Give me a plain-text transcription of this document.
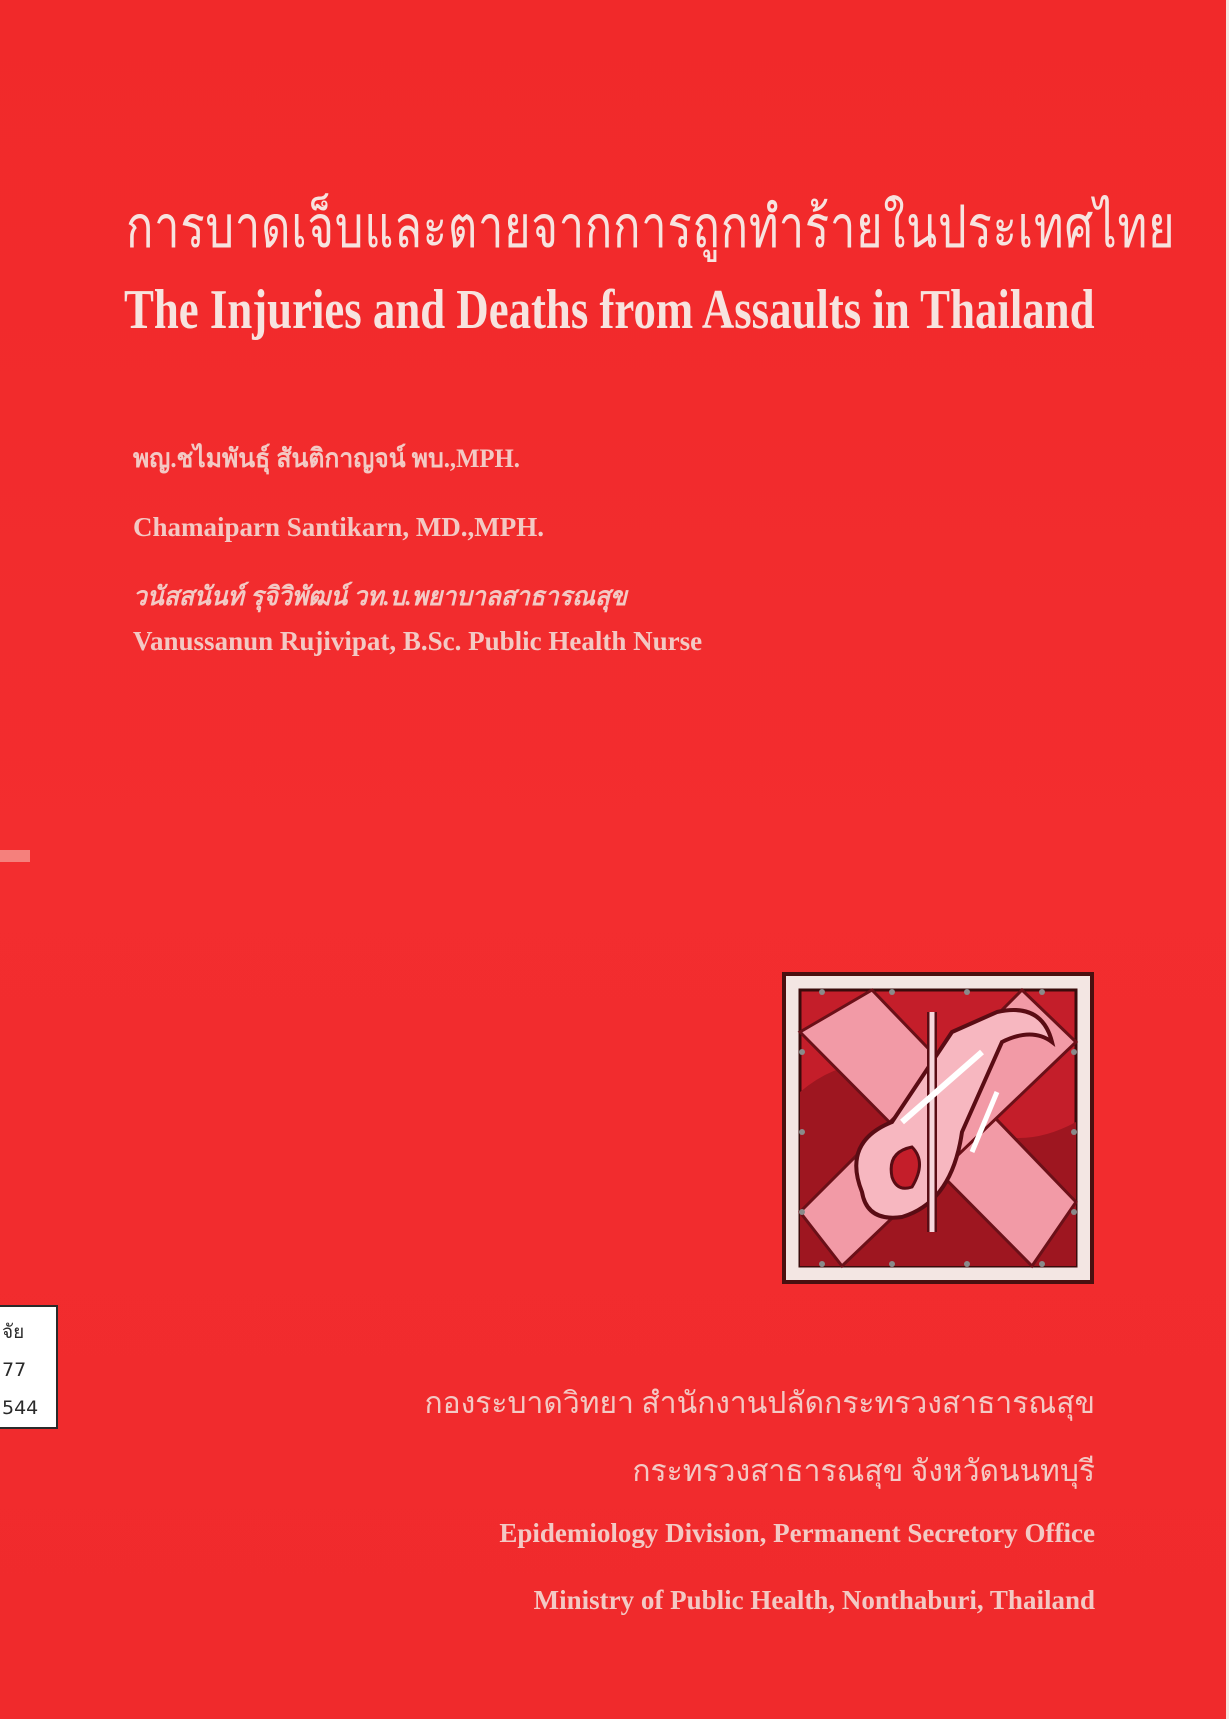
การบาดเจ็บและตายจากการถูกทำร้ายในประเทศไทย
The Injuries and Deaths from Assaults in Thailand
พญ.ชไมพันธุ์ สันติกาญจน์ พบ.,MPH.
Chamaiparn Santikarn, MD.,MPH.
วนัสสนันท์ รุจิวิพัฒน์ วท.บ.พยาบาลสาธารณสุข
Vanussanun Rujivipat, B.Sc. Public Health Nurse
กองระบาดวิทยา สำนักงานปลัดกระทรวงสาธารณสุข
กระทรวงสาธารณสุข จังหวัดนนทบุรี
Epidemiology Division, Permanent Secretory Office
Ministry of Public Health, Nonthaburi, Thailand
จัย
77
544
